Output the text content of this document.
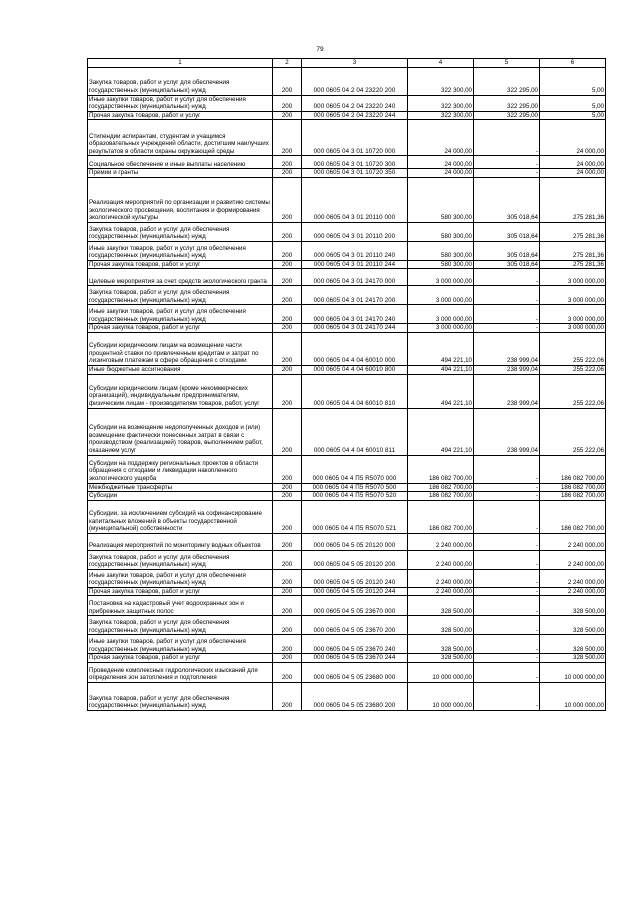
79
1	2	3	4	5	6
Закупка товаров, работ и услуг для обеспечения государственных (муниципальных) нужд	200	000 0605 04 2 04 23220 200	322 300,00	322 295,00	5,00
Иные закупки товаров, работ и услуг для обеспечения государственных (муниципальных) нужд	200	000 0605 04 2 04 23220 240	322 300,00	322 295,00	5,00
Прочая закупка товаров, работ и услуг	200	000 0605 04 2 04 23220 244	322 300,00	322 295,00	5,00
Стипендии аспирантам, студентам и учащимся образовательных учреждений области, достигшим наилучших результатов в области охраны окружающей среды	200	000 0605 04 3 01 10720 000	24 000,00	-	24 000,00
Социальное обеспечение и иные выплаты населению	200	000 0605 04 3 01 10720 300	24 000,00	-	24 000,00
Премии и гранты	200	000 0605 04 3 01 10720 350	24 000,00	-	24 000,00
Реализация мероприятий по организации и развитию системы экологического просвещения, воспитания и формирования экологической культуры	200	000 0605 04 3 01 20110 000	580 300,00	305 018,64	275 281,36
Закупка товаров, работ и услуг для обеспечения государственных (муниципальных) нужд	200	000 0605 04 3 01 20110 200	580 300,00	305 018,64	275 281,36
Иные закупки товаров, работ и услуг для обеспечения государственных (муниципальных) нужд	200	000 0605 04 3 01 20110 240	580 300,00	305 018,64	275 281,36
Прочая закупка товаров, работ и услуг	200	000 0605 04 3 01 20110 244	580 300,00	305 018,64	275 281,36
Целевые мероприятия за счет средств экологического гранта	200	000 0605 04 3 01 24170 000	3 000 000,00	-	3 000 000,00
Закупка товаров, работ и услуг для обеспечения государственных (муниципальных) нужд	200	000 0605 04 3 01 24170 200	3 000 000,00	-	3 000 000,00
Иные закупки товаров, работ и услуг для обеспечения государственных (муниципальных) нужд	200	000 0605 04 3 01 24170 240	3 000 000,00	-	3 000 000,00
Прочая закупка товаров, работ и услуг	200	000 0605 04 3 01 24170 244	3 000 000,00	-	3 000 000,00
Субсидии юридическим лицам на возмещение части процентной ставки по привлеченным кредитам и затрат по лизинговым платежам в сфере обращения с отходами	200	000 0605 04 4 04 60010 000	494 221,10	238 999,04	255 222,06
Иные бюджетные ассигнования	200	000 0605 04 4 04 60010 800	494 221,10	238 999,04	255 222,06
Субсидии юридическим лицам (кроме некоммерческих организаций), индивидуальным предпринимателям, физическим лицам - производителям товаров, работ, услуг	200	000 0605 04 4 04 60010 810	494 221,10	238 999,04	255 222,06
Субсидии на возмещение недополученных доходов и (или) возмещение фактически понесенных затрат в связи с производством (реализацией) товаров, выполнением работ, оказанием услуг	200	000 0605 04 4 04 60010 811	494 221,10	238 999,04	255 222,06
Субсидии на поддержку региональных проектов в области обращения с отходами и ликвидации накопленного экологического ущерба	200	000 0605 04 4 П5 R5070 000	186 082 700,00	-	186 082 700,00
Межбюджетные трансферты	200	000 0605 04 4 П5 R5070 500	186 082 700,00	-	186 082 700,00
Субсидии	200	000 0605 04 4 П5 R5070 520	186 082 700,00	-	186 082 700,00
Субсидии, за исключением субсидий на софинансирование капитальных вложений в объекты государственной (муниципальной) собственности	200	000 0605 04 4 П5 R5070 521	186 082 700,00	-	186 082 700,00
Реализация мероприятий по мониторингу водных объектов	200	000 0605 04 5 05 20120 000	2 240 000,00	-	2 240 000,00
Закупка товаров, работ и услуг для обеспечения государственных (муниципальных) нужд	200	000 0605 04 5 05 20120 200	2 240 000,00	-	2 240 000,00
Иные закупки товаров, работ и услуг для обеспечения государственных (муниципальных) нужд	200	000 0605 04 5 05 20120 240	2 240 000,00	-	2 240 000,00
Прочая закупка товаров, работ и услуг	200	000 0605 04 5 05 20120 244	2 240 000,00	-	2 240 000,00
Постановка на кадастровый учет водоохранных зон и прибрежных защитных полос	200	000 0605 04 5 05 23670 000	328 500,00	-	328 500,00
Закупка товаров, работ и услуг для обеспечения государственных (муниципальных) нужд	200	000 0605 04 5 05 23670 200	328 500,00	-	328 500,00
Иные закупки товаров, работ и услуг для обеспечения государственных (муниципальных) нужд	200	000 0605 04 5 05 23670 240	328 500,00	-	328 500,00
Прочая закупка товаров, работ и услуг	200	000 0605 04 5 05 23670 244	328 500,00	-	328 500,00
Проведение комплексных гидрологических изысканий для определения зон затопления и подтопления	200	000 0605 04 5 05 23680 000	10 000 000,00	-	10 000 000,00
Закупка товаров, работ и услуг для обеспечения государственных (муниципальных) нужд	200	000 0605 04 5 05 23680 200	10 000 000,00	-	10 000 000,00
